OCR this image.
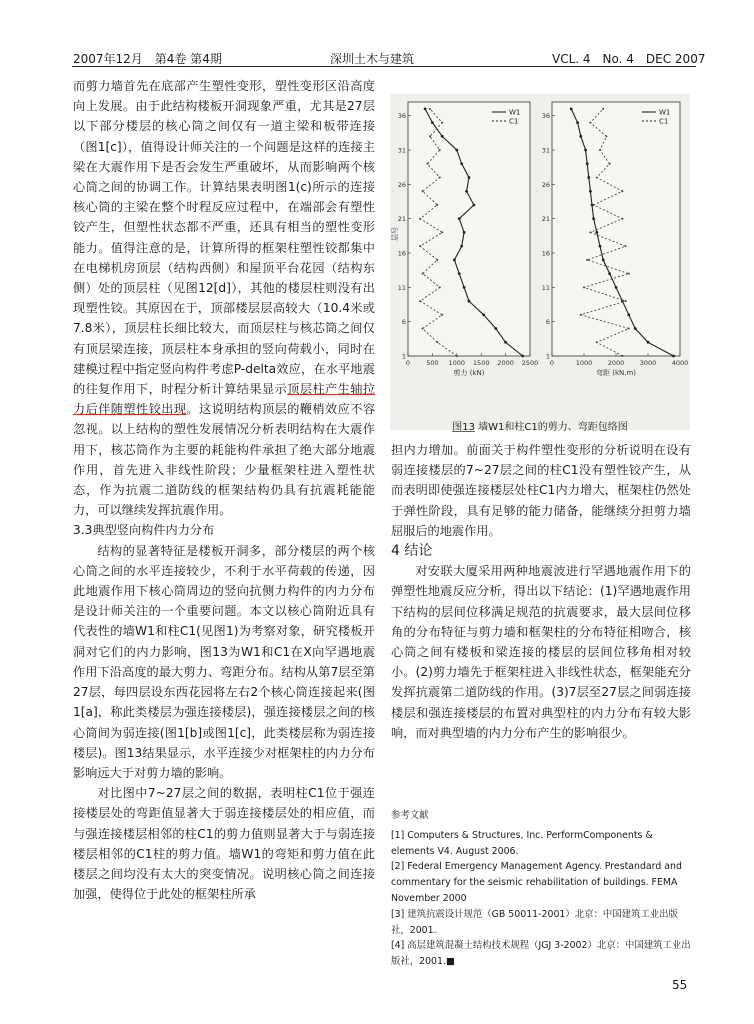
2007年12月　第4卷 第4期	深圳土木与建筑	VCL. 4　No. 4　DEC 2007

而剪力墙首先在底部产生塑性变形，塑性变形区沿高度向上发展。由于此结构楼板开洞现象严重，尤其是27层以下部分楼层的核心筒之间仅有一道主梁和板带连接（图1[c]），值得设计师关注的一个问题是这样的连接主梁在大震作用下是否会发生严重破坏，从而影响两个核心筒之间的协调工作。计算结果表明图1(c)所示的连接核心筒的主梁在整个时程反应过程中，在端部会有塑性铰产生，但塑性状态都不严重，还具有相当的塑性变形能力。值得注意的是，计算所得的框架柱塑性铰都集中在电梯机房顶层（结构西侧）和屋顶平台花园（结构东侧）处的顶层柱（见图12[d]），其他的楼层柱则没有出现塑性铰。其原因在于，顶部楼层层高较大（10.4米或7.8米），顶层柱长细比较大，而顶层柱与核芯筒之间仅有顶层梁连接，顶层柱本身承担的竖向荷载小，同时在建模过程中指定竖向构件考虑P-delta效应，在水平地震的往复作用下，时程分析计算结果显示顶层柱产生轴拉力后伴随塑性铰出现。这说明结构顶层的鞭梢效应不容忽视。以上结构的塑性发展情况分析表明结构在大震作用下，核芯筒作为主要的耗能构件承担了绝大部分地震作用，首先进入非线性阶段；少量框架柱进入塑性状态，作为抗震二道防线的框架结构仍具有抗震耗能能力，可以继续发挥抗震作用。

3.3典型竖向构件内力分布

结构的显著特征是楼板开洞多，部分楼层的两个核心筒之间的水平连接较少，不利于水平荷载的传递，因此地震作用下核心筒周边的竖向抗侧力构件的内力分布是设计师关注的一个重要问题。本文以核心筒附近具有代表性的墙W1和柱C1(见图1)为考察对象，研究楼板开洞对它们的内力影响，图13为W1和C1在X向罕遇地震作用下沿高度的最大剪力、弯距分布。结构从第7层至第27层，每四层设东西花园将左右2个核心筒连接起来(图1[a]，称此类楼层为强连接楼层)，强连接楼层之间的核心筒间为弱连接(图1[b]或图1[c]，此类楼层称为弱连接楼层)。图13结果显示，水平连接少对框架柱的内力分布影响远大于对剪力墙的影响。

对比图中7~27层之间的数据，表明柱C1位于强连接楼层处的弯距值显著大于弱连接楼层处的相应值，而与强连接楼层相邻的柱C1的剪力值则显著大于与弱连接楼层相邻的C1柱的剪力值。墙W1的弯矩和剪力值在此楼层之间均没有太大的突变情况。说明核心筒之间连接加强，使得位于此处的框架柱所承

1
6
11
16
21
26
31
36
0 500 1000 1500 2000 2500
剪力 (kN)
W1
C1
1
6
11
16
21
26
31
36
0	1000 2000 3000 4000
弯距 (kN.m)
W1
C1
层号
图13 墙W1和柱C1的剪力、弯距包络图

担内力增加。前面关于构件塑性变形的分析说明在设有弱连接楼层的7~27层之间的柱C1没有塑性铰产生，从而表明即使强连接楼层处柱C1内力增大，框架柱仍然处于弹性阶段，具有足够的能力储备，能继续分担剪力墙屈服后的地震作用。

4 结论

对安联大厦采用两种地震波进行罕遇地震作用下的弹塑性地震反应分析，得出以下结论：(1)罕遇地震作用下结构的层间位移满足规范的抗震要求，最大层间位移角的分布特征与剪力墙和框架柱的分布特征相吻合，核心筒之间有楼板和梁连接的楼层的层间位移角相对较小。(2)剪力墙先于框架柱进入非线性状态，框架能充分发挥抗震第二道防线的作用。(3)7层至27层之间弱连接楼层和强连接楼层的布置对典型柱的内力分布有较大影响，而对典型墙的内力分布产生的影响很少。

参考文献

[1] Computers & Structures, Inc. PerformComponents & elements V4. August 2006.

[2] Federal Emergency Management Agency. Prestandard and commentary for the seismic rehabilitation of buildings. FEMA November 2000

[3] 建筑抗震设计规范（GB 50011-2001）北京：中国建筑工业出版社，2001.

[4] 高层建筑混凝土结构技术规程（JGJ 3-2002）北京：中国建筑工业出版社，2001.■

55
